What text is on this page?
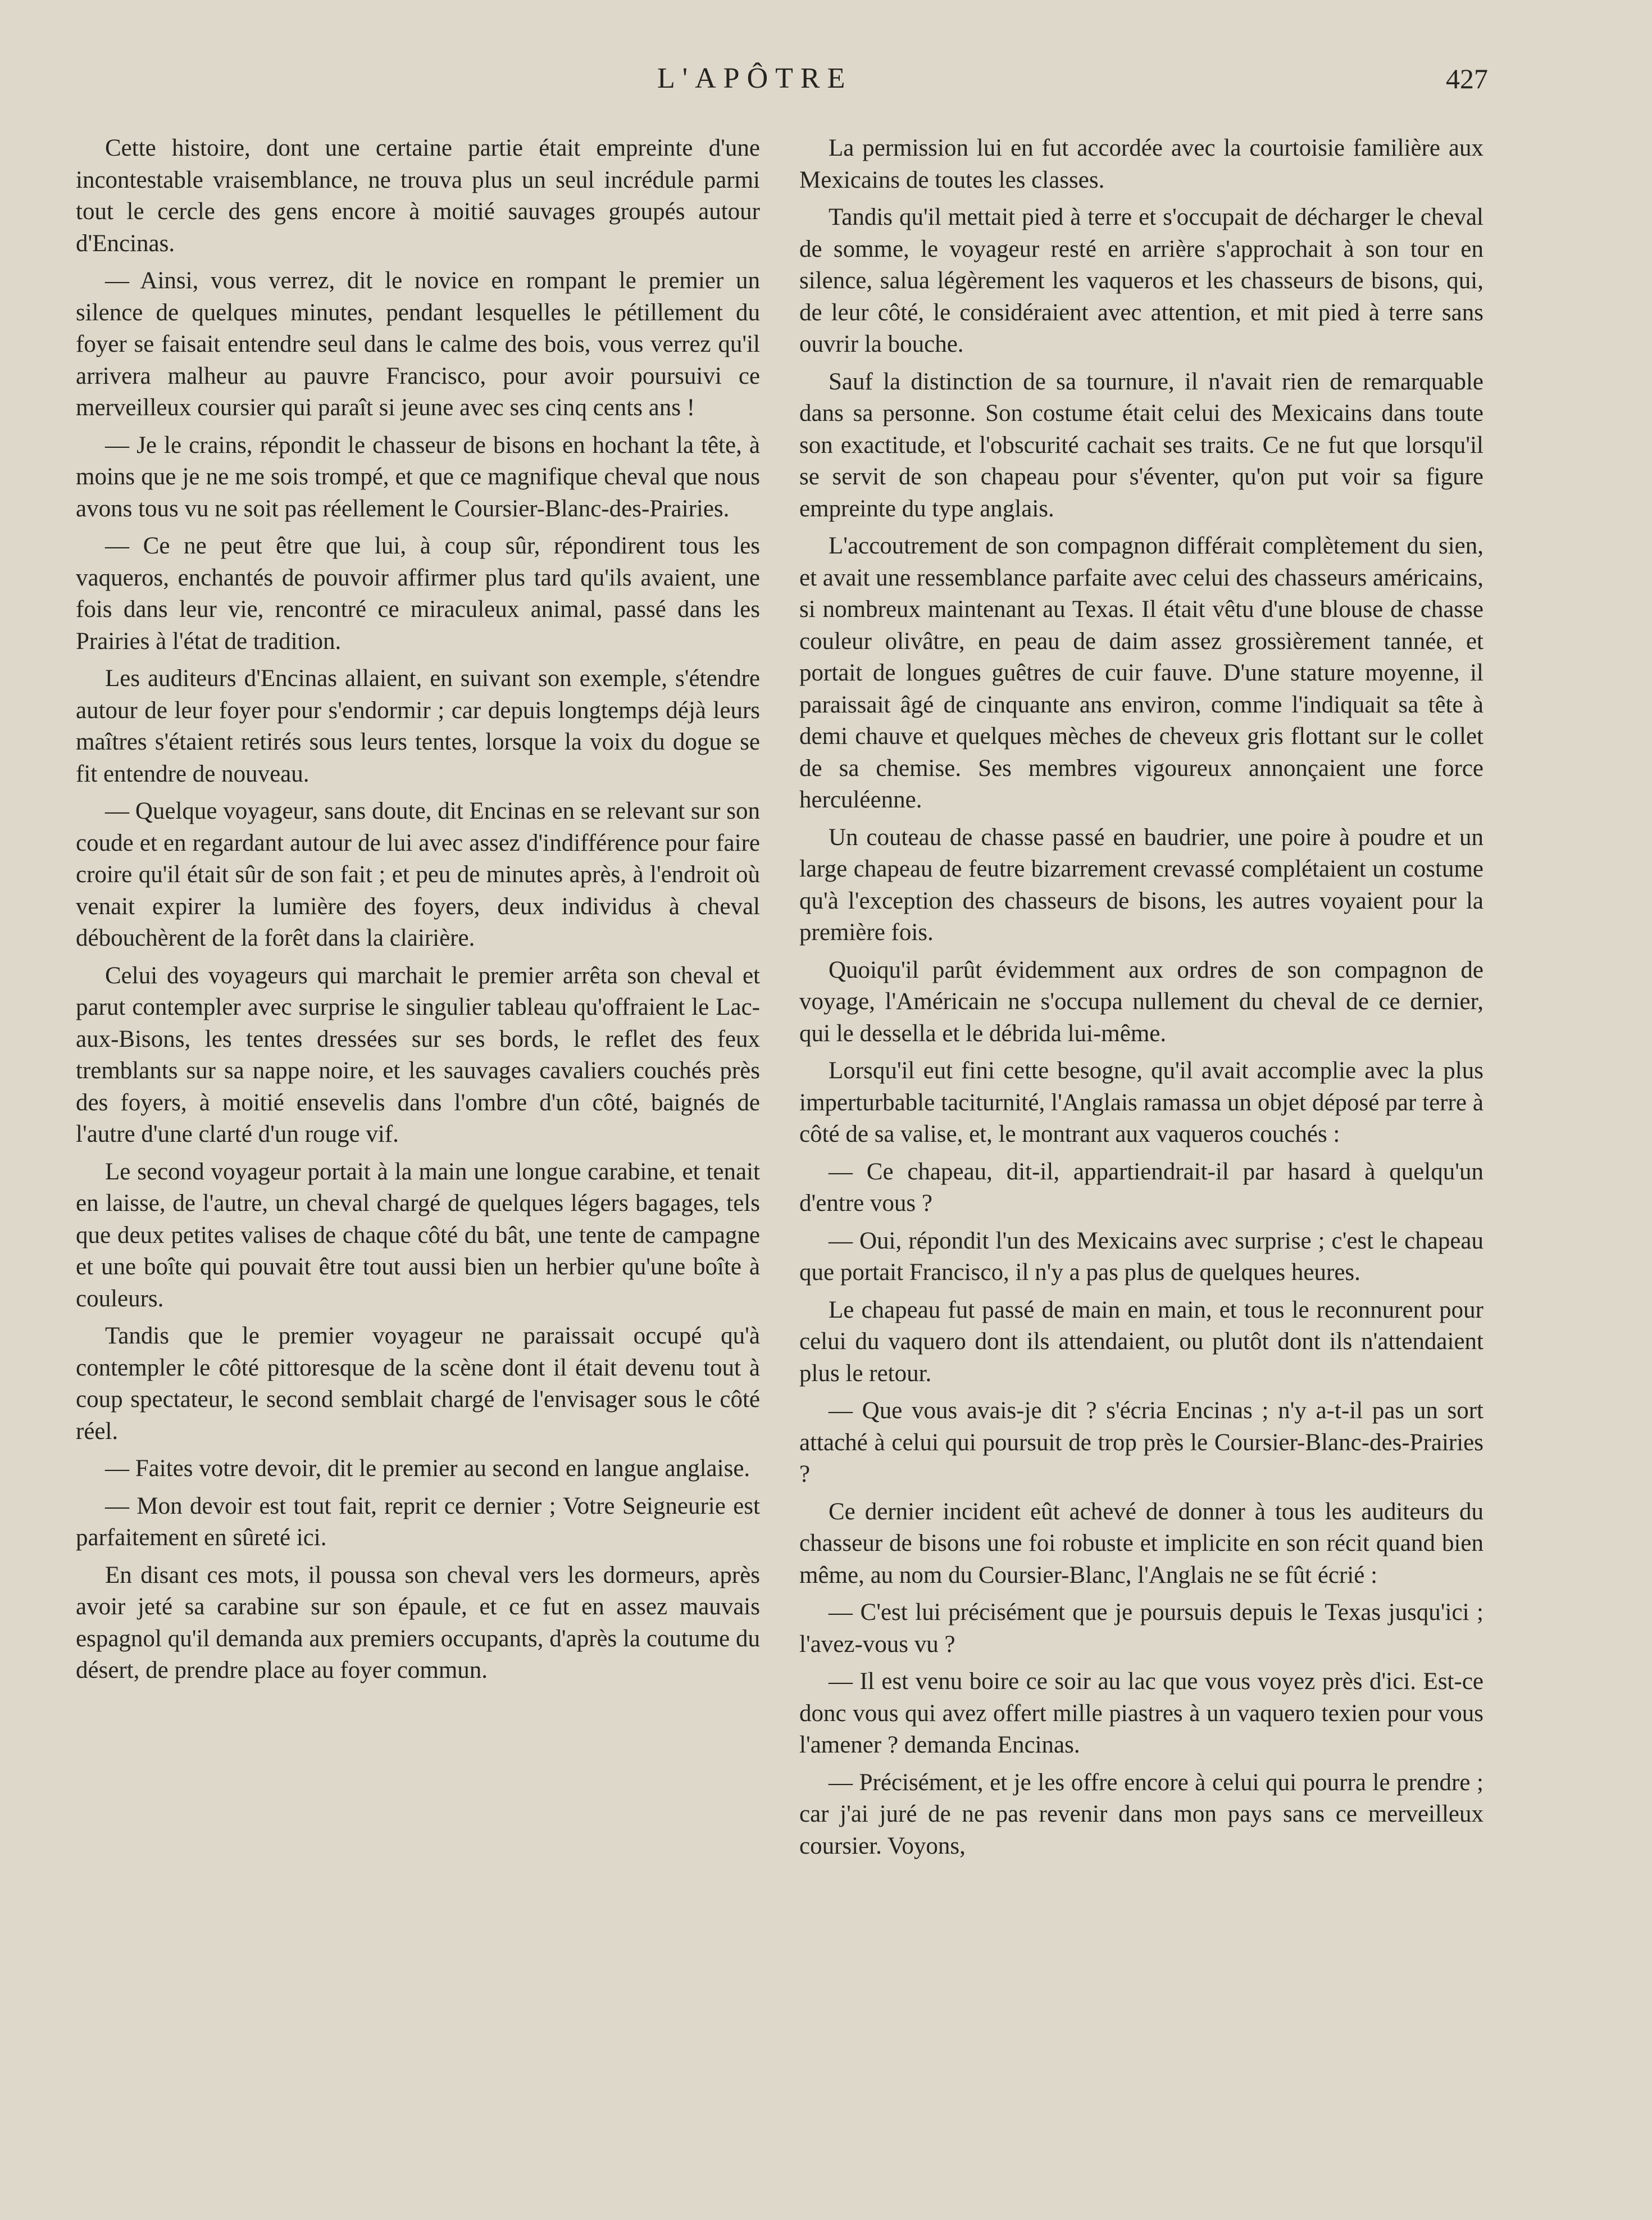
L'APÔTRE	427

Cette histoire, dont une certaine partie était empreinte d'une incontestable vraisemblance, ne trouva plus un seul incrédule parmi tout le cercle des gens encore à moitié sauvages groupés autour d'Encinas.

— Ainsi, vous verrez, dit le novice en rompant le premier un silence de quelques minutes, pendant lesquelles le pétillement du foyer se faisait entendre seul dans le calme des bois, vous verrez qu'il arrivera malheur au pauvre Francisco, pour avoir poursuivi ce merveilleux coursier qui paraît si jeune avec ses cinq cents ans !

— Je le crains, répondit le chasseur de bisons en hochant la tête, à moins que je ne me sois trompé, et que ce magnifique cheval que nous avons tous vu ne soit pas réellement le Coursier-Blanc-des-Prairies.

— Ce ne peut être que lui, à coup sûr, répondirent tous les vaqueros, enchantés de pouvoir affirmer plus tard qu'ils avaient, une fois dans leur vie, rencontré ce miraculeux animal, passé dans les Prairies à l'état de tradition.

Les auditeurs d'Encinas allaient, en suivant son exemple, s'étendre autour de leur foyer pour s'endormir ; car depuis longtemps déjà leurs maîtres s'étaient retirés sous leurs tentes, lorsque la voix du dogue se fit entendre de nouveau.

— Quelque voyageur, sans doute, dit Encinas en se relevant sur son coude et en regardant autour de lui avec assez d'indifférence pour faire croire qu'il était sûr de son fait ; et peu de minutes après, à l'endroit où venait expirer la lumière des foyers, deux individus à cheval débouchèrent de la forêt dans la clairière.

Celui des voyageurs qui marchait le premier arrêta son cheval et parut contempler avec surprise le singulier tableau qu'offraient le Lac-aux-Bisons, les tentes dressées sur ses bords, le reflet des feux tremblants sur sa nappe noire, et les sauvages cavaliers couchés près des foyers, à moitié ensevelis dans l'ombre d'un côté, baignés de l'autre d'une clarté d'un rouge vif.

Le second voyageur portait à la main une longue carabine, et tenait en laisse, de l'autre, un cheval chargé de quelques légers bagages, tels que deux petites valises de chaque côté du bât, une tente de campagne et une boîte qui pouvait être tout aussi bien un herbier qu'une boîte à couleurs.

Tandis que le premier voyageur ne paraissait occupé qu'à contempler le côté pittoresque de la scène dont il était devenu tout à coup spectateur, le second semblait chargé de l'envisager sous le côté réel.

— Faites votre devoir, dit le premier au second en langue anglaise.

— Mon devoir est tout fait, reprit ce dernier ; Votre Seigneurie est parfaitement en sûreté ici.

En disant ces mots, il poussa son cheval vers les dormeurs, après avoir jeté sa carabine sur son épaule, et ce fut en assez mauvais espagnol qu'il demanda aux premiers occupants, d'après la coutume du désert, de prendre place au foyer commun.

La permission lui en fut accordée avec la courtoisie familière aux Mexicains de toutes les classes.

Tandis qu'il mettait pied à terre et s'occupait de décharger le cheval de somme, le voyageur resté en arrière s'approchait à son tour en silence, salua légèrement les vaqueros et les chasseurs de bisons, qui, de leur côté, le considéraient avec attention, et mit pied à terre sans ouvrir la bouche.

Sauf la distinction de sa tournure, il n'avait rien de remarquable dans sa personne. Son costume était celui des Mexicains dans toute son exactitude, et l'obscurité cachait ses traits. Ce ne fut que lorsqu'il se servit de son chapeau pour s'éventer, qu'on put voir sa figure empreinte du type anglais.

L'accoutrement de son compagnon différait complètement du sien, et avait une ressemblance parfaite avec celui des chasseurs américains, si nombreux maintenant au Texas. Il était vêtu d'une blouse de chasse couleur olivâtre, en peau de daim assez grossièrement tannée, et portait de longues guêtres de cuir fauve. D'une stature moyenne, il paraissait âgé de cinquante ans environ, comme l'indiquait sa tête à demi chauve et quelques mèches de cheveux gris flottant sur le collet de sa chemise. Ses membres vigoureux annonçaient une force herculéenne.

Un couteau de chasse passé en baudrier, une poire à poudre et un large chapeau de feutre bizarrement crevassé complétaient un costume qu'à l'exception des chasseurs de bisons, les autres voyaient pour la première fois.

Quoiqu'il parût évidemment aux ordres de son compagnon de voyage, l'Américain ne s'occupa nullement du cheval de ce dernier, qui le dessella et le débrida lui-même.

Lorsqu'il eut fini cette besogne, qu'il avait accomplie avec la plus imperturbable taciturnité, l'Anglais ramassa un objet déposé par terre à côté de sa valise, et, le montrant aux vaqueros couchés :

— Ce chapeau, dit-il, appartiendrait-il par hasard à quelqu'un d'entre vous ?

— Oui, répondit l'un des Mexicains avec surprise ; c'est le chapeau que portait Francisco, il n'y a pas plus de quelques heures.

Le chapeau fut passé de main en main, et tous le reconnurent pour celui du vaquero dont ils attendaient, ou plutôt dont ils n'attendaient plus le retour.

— Que vous avais-je dit ? s'écria Encinas ; n'y a-t-il pas un sort attaché à celui qui poursuit de trop près le Coursier-Blanc-des-Prairies ?

Ce dernier incident eût achevé de donner à tous les auditeurs du chasseur de bisons une foi robuste et implicite en son récit quand bien même, au nom du Coursier-Blanc, l'Anglais ne se fût écrié :

— C'est lui précisément que je poursuis depuis le Texas jusqu'ici ; l'avez-vous vu ?

— Il est venu boire ce soir au lac que vous voyez près d'ici. Est-ce donc vous qui avez offert mille piastres à un vaquero texien pour vous l'amener ? demanda Encinas.

— Précisément, et je les offre encore à celui qui pourra le prendre ; car j'ai juré de ne pas revenir dans mon pays sans ce merveilleux coursier. Voyons,
